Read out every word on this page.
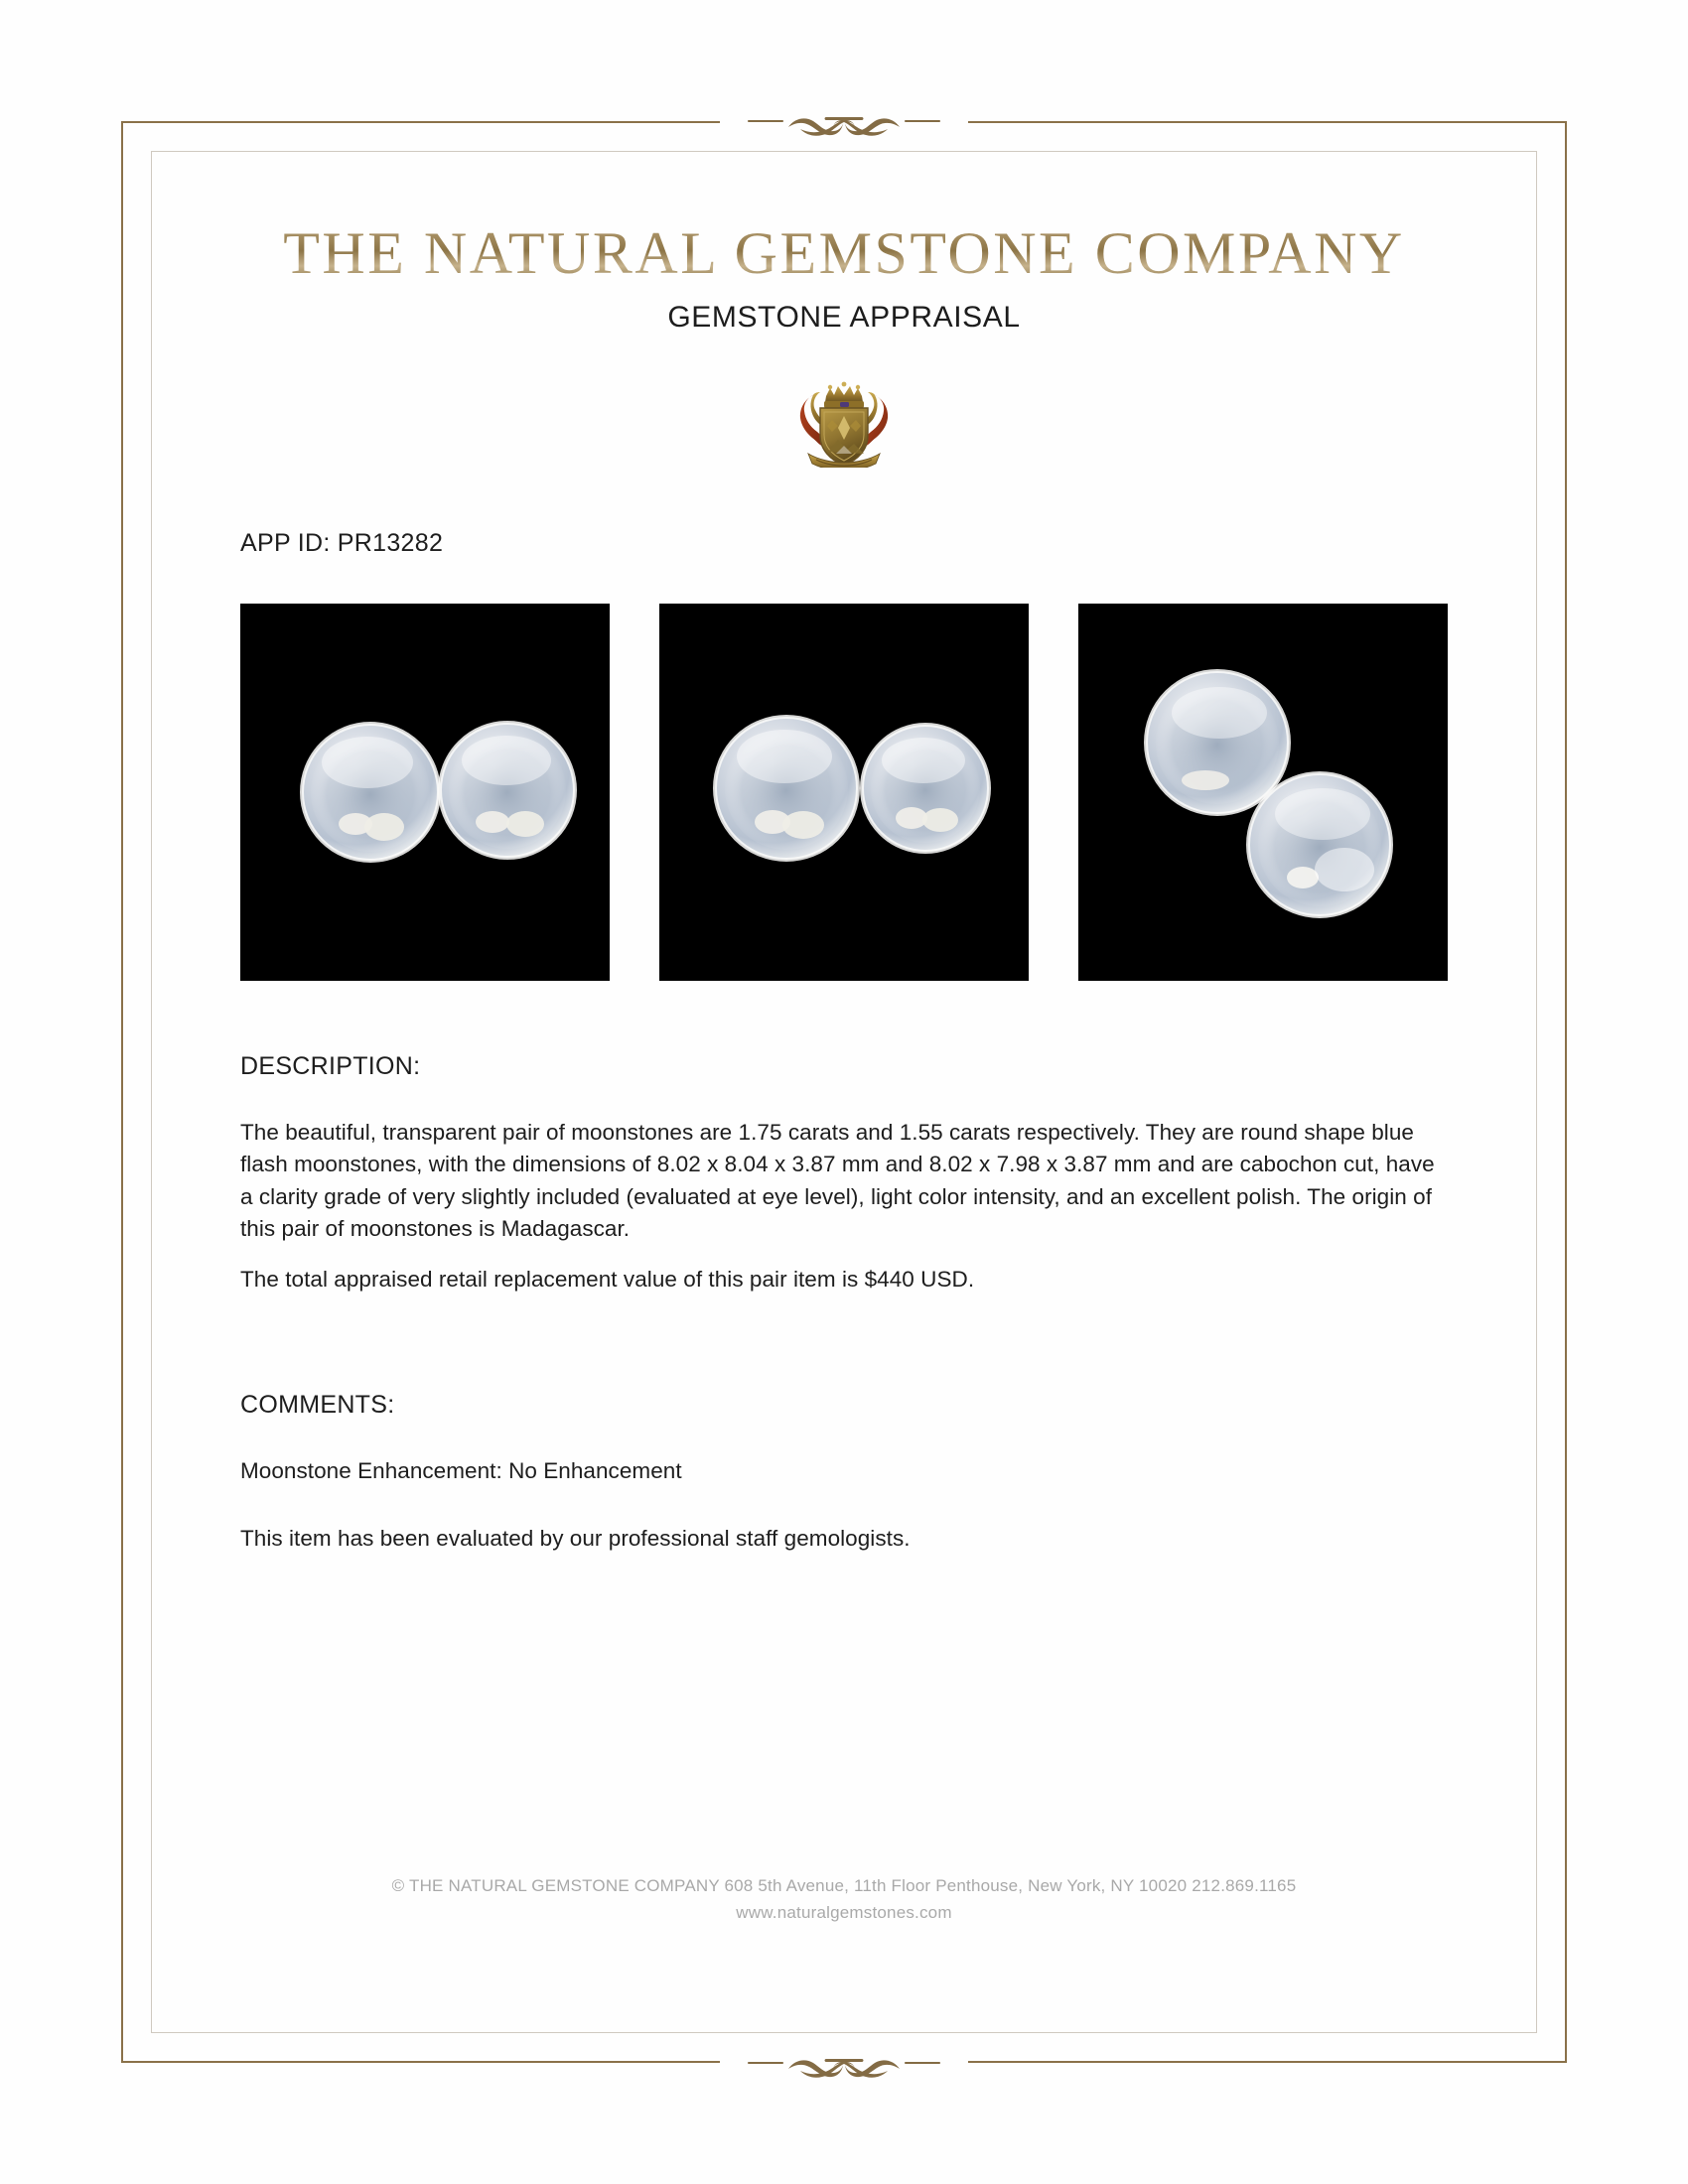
THE NATURAL GEMSTONE COMPANY
GEMSTONE APPRAISAL
APP ID: PR13282
DESCRIPTION:
The beautiful, transparent pair of moonstones are 1.75 carats and 1.55 carats respectively. They are round shape blue flash moonstones, with the dimensions of 8.02 x 8.04 x 3.87 mm and 8.02 x 7.98 x 3.87 mm and are cabochon cut, have a clarity grade of very slightly included (evaluated at eye level), light color intensity, and an excellent polish. The origin of this pair of moonstones is Madagascar.
The total appraised retail replacement value of this pair item is $440 USD.
COMMENTS:
Moonstone Enhancement: No Enhancement
This item has been evaluated by our professional staff gemologists.
© THE NATURAL GEMSTONE COMPANY 608 5th Avenue, 11th Floor Penthouse, New York, NY 10020 212.869.1165
www.naturalgemstones.com
